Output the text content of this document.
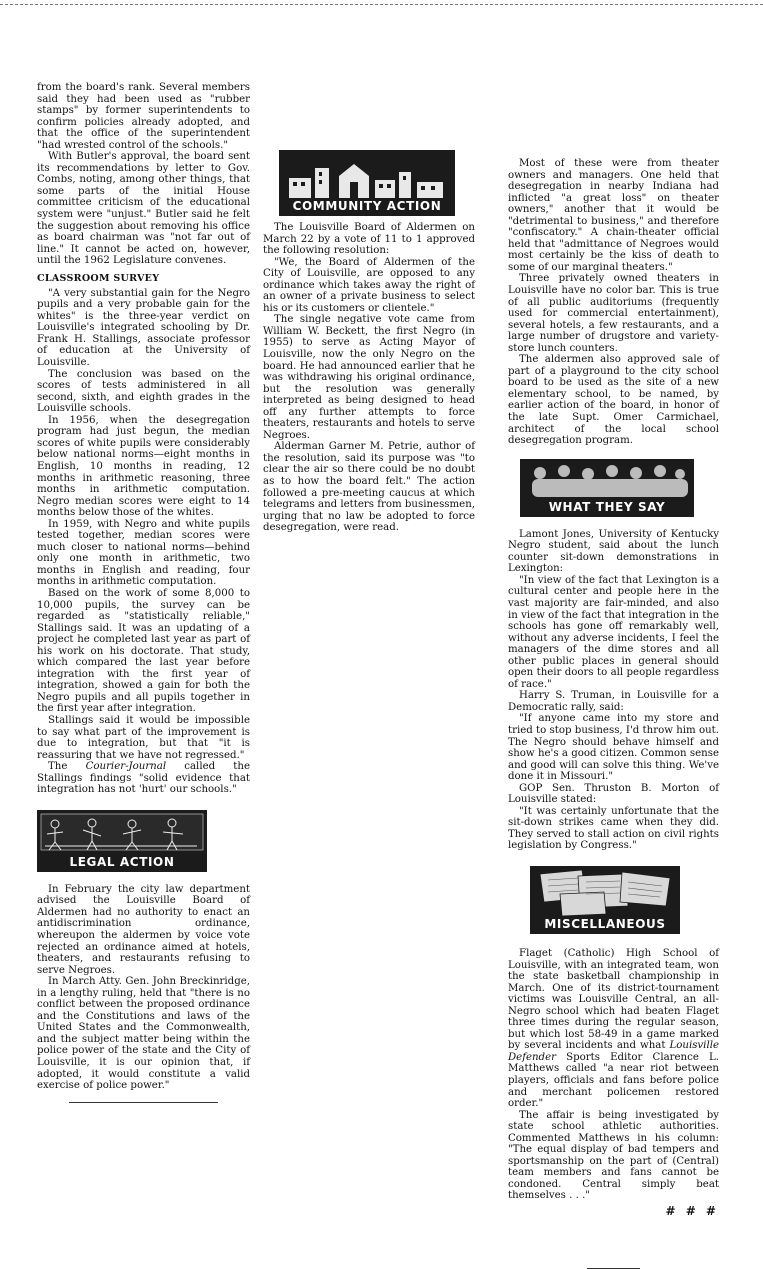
from the board's rank. Several members said they had been used as "rubber stamps" by former superintendents to confirm policies already adopted, and that the office of the superintendent "had wrested control of the schools."

With Butler's approval, the board sent its recommendations by letter to Gov. Combs, noting, among other things, that some parts of the initial House committee criticism of the educational system were "unjust." Butler said he felt the suggestion about removing his office as board chairman was "not far out of line." It cannot be acted on, however, until the 1962 Legislature convenes.

CLASSROOM SURVEY

"A very substantial gain for the Negro pupils and a very probable gain for the whites" is the three-year verdict on Louisville's integrated schooling by Dr. Frank H. Stallings, associate professor of education at the University of Louisville.

The conclusion was based on the scores of tests administered in all second, sixth, and eighth grades in the Louisville schools.

In 1956, when the desegregation program had just begun, the median scores of white pupils were considerably below national norms—eight months in English, 10 months in reading, 12 months in arithmetic reasoning, three months in arithmetic computation. Negro median scores were eight to 14 months below those of the whites.

In 1959, with Negro and white pupils tested together, median scores were much closer to national norms—behind only one month in arithmetic, two months in English and reading, four months in arithmetic computation.

Based on the work of some 8,000 to 10,000 pupils, the survey can be regarded as "statistically reliable," Stallings said. It was an updating of a project he completed last year as part of his work on his doctorate. That study, which compared the last year before integration with the first year of integration, showed a gain for both the Negro pupils and all pupils together in the first year after integration.

Stallings said it would be impossible to say what part of the improvement is due to integration, but that "it is reassuring that we have not regressed."

The Courier-Journal called the Stallings findings "solid evidence that integration has not 'hurt' our schools."

LEGAL ACTION

In February the city law department advised the Louisville Board of Aldermen had no authority to enact an antidiscrimination ordinance, whereupon the aldermen by voice vote rejected an ordinance aimed at hotels, theaters, and restaurants refusing to serve Negroes.

In March Atty. Gen. John Breckinridge, in a lengthy ruling, held that "there is no conflict between the proposed ordinance and the Constitutions and laws of the United States and the Commonwealth, and the subject matter being within the police power of the state and the City of Louisville, it is our opinion that, if adopted, it would constitute a valid exercise of police power."

COMMUNITY ACTION

The Louisville Board of Aldermen on March 22 by a vote of 11 to 1 approved the following resolution:

"We, the Board of Aldermen of the City of Louisville, are opposed to any ordinance which takes away the right of an owner of a private business to select his or its customers or clientele."

The single negative vote came from William W. Beckett, the first Negro (in 1955) to serve as Acting Mayor of Louisville, now the only Negro on the board. He had announced earlier that he was withdrawing his original ordinance, but the resolution was generally interpreted as being designed to head off any further attempts to force theaters, restaurants and hotels to serve Negroes.

Alderman Garner M. Petrie, author of the resolution, said its purpose was "to clear the air so there could be no doubt as to how the board felt." The action followed a pre-meeting caucus at which telegrams and letters from businessmen, urging that no law be adopted to force desegregation, were read.

Most of these were from theater owners and managers. One held that desegregation in nearby Indiana had inflicted "a great loss" on theater owners," another that it would be "detrimental to business," and therefore "confiscatory." A chain-theater official held that "admittance of Negroes would most certainly be the kiss of death to some of our marginal theaters."

Three privately owned theaters in Louisville have no color bar. This is true of all public auditoriums (frequently used for commercial entertainment), several hotels, a few restaurants, and a large number of drugstore and variety-store lunch counters.

The aldermen also approved sale of part of a playground to the city school board to be used as the site of a new elementary school, to be named, by earlier action of the board, in honor of the late Supt. Omer Carmichael, architect of the local school desegregation program.

WHAT THEY SAY

Lamont Jones, University of Kentucky Negro student, said about the lunch counter sit-down demonstrations in Lexington:

"In view of the fact that Lexington is a cultural center and people here in the vast majority are fair-minded, and also in view of the fact that integration in the schools has gone off remarkably well, without any adverse incidents, I feel the managers of the dime stores and all other public places in general should open their doors to all people regardless of race."

Harry S. Truman, in Louisville for a Democratic rally, said:

"If anyone came into my store and tried to stop business, I'd throw him out. The Negro should behave himself and show he's a good citizen. Common sense and good will can solve this thing. We've done it in Missouri."

GOP Sen. Thruston B. Morton of Louisville stated:

"It was certainly unfortunate that the sit-down strikes came when they did. They served to stall action on civil rights legislation by Congress."

MISCELLANEOUS

Flaget (Catholic) High School of Louisville, with an integrated team, won the state basketball championship in March. One of its district-tournament victims was Louisville Central, an all-Negro school which had beaten Flaget three times during the regular season, but which lost 58-49 in a game marked by several incidents and what Louisville Defender Sports Editor Clarence L. Matthews called "a near riot between players, officials and fans before police and merchant policemen restored order."

The affair is being investigated by state school athletic authorities. Commented Matthews in his column: "The equal display of bad tempers and sportsmanship on the part of (Central) team members and fans cannot be condoned. Central simply beat themselves . . ."

# # #
